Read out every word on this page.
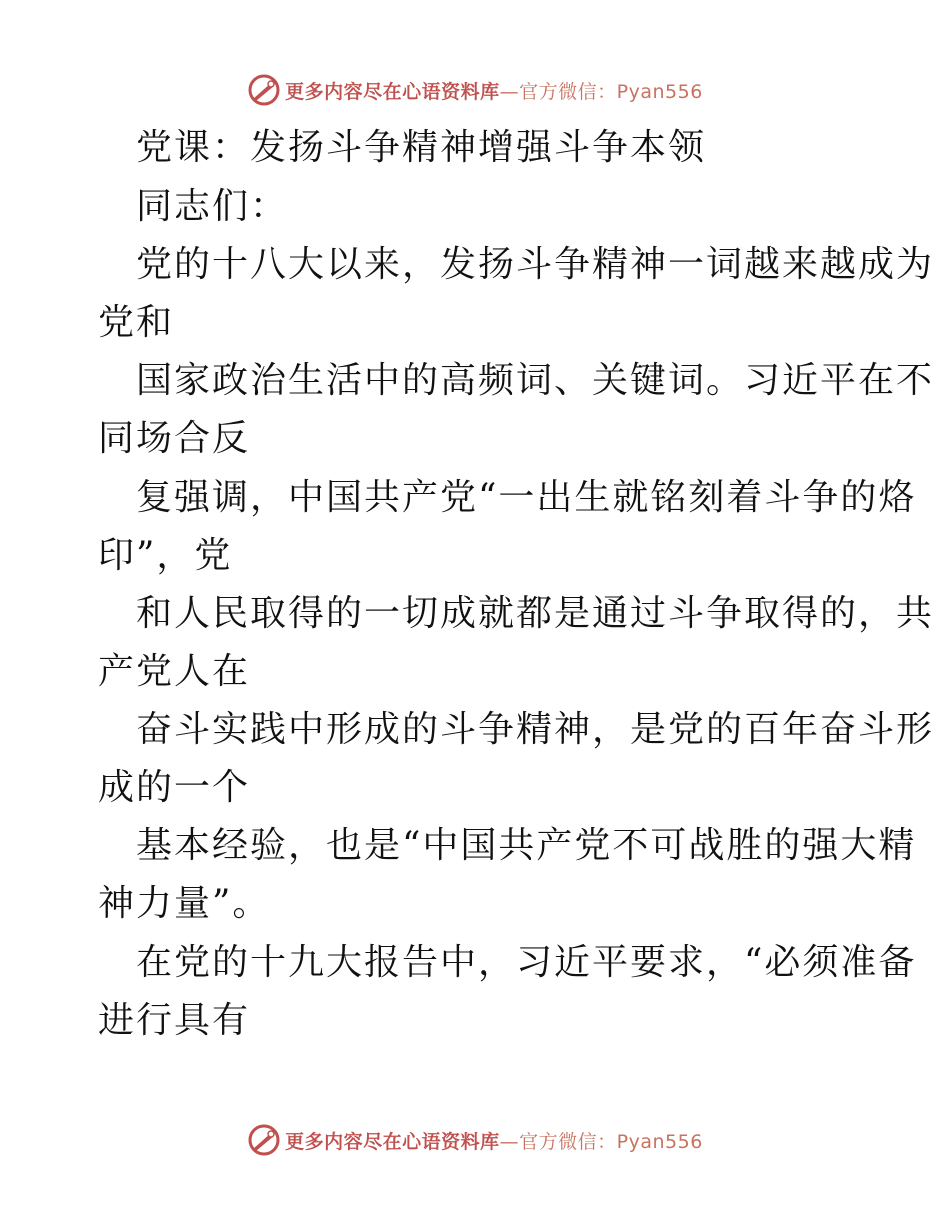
更多内容尽在心语资料库—官方微信：Pyan556
党课：发扬斗争精神增强斗争本领
同志们：
党的十八大以来，发扬斗争精神一词越来越成为
党和
国家政治生活中的高频词、关键词。习近平在不
同场合反
复强调，中国共产党“一出生就铭刻着斗争的烙
印”，党
和人民取得的一切成就都是通过斗争取得的，共
产党人在
奋斗实践中形成的斗争精神，是党的百年奋斗形
成的一个
基本经验，也是“中国共产党不可战胜的强大精
神力量”。
在党的十九大报告中，习近平要求，“必须准备
进行具有
更多内容尽在心语资料库—官方微信：Pyan556
